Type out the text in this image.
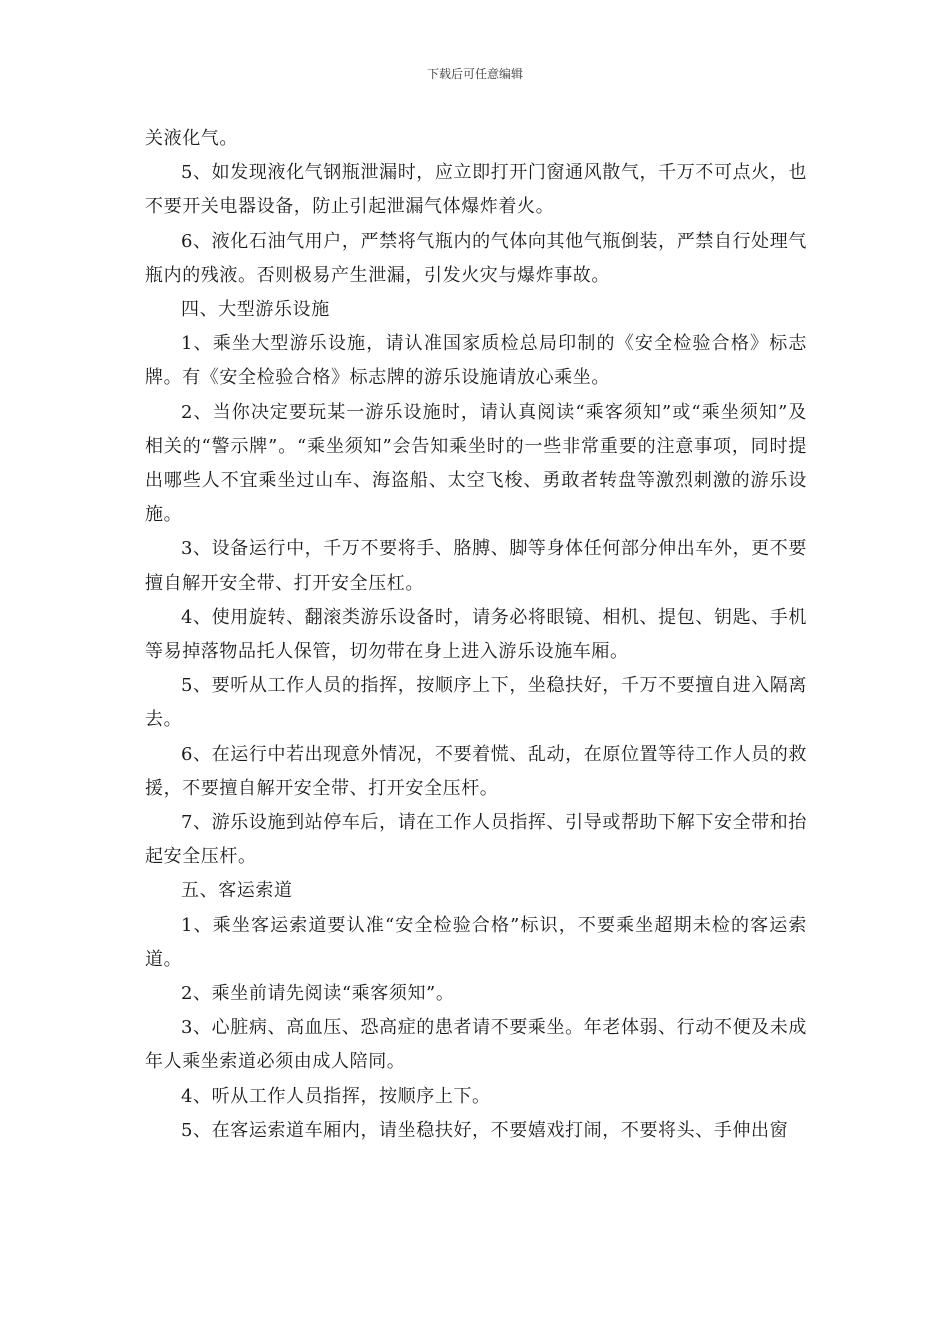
下载后可任意编辑

关液化气。

5、如发现液化气钢瓶泄漏时，应立即打开门窗通风散气，千万不可点火，也不要开关电器设备，防止引起泄漏气体爆炸着火。

6、液化石油气用户，严禁将气瓶内的气体向其他气瓶倒装，严禁自行处理气瓶内的残液。否则极易产生泄漏，引发火灾与爆炸事故。

四、大型游乐设施

1、乘坐大型游乐设施，请认准国家质检总局印制的《安全检验合格》标志牌。有《安全检验合格》标志牌的游乐设施请放心乘坐。

2、当你决定要玩某一游乐设施时，请认真阅读“乘客须知”或“乘坐须知”及相关的“警示牌”。“乘坐须知”会告知乘坐时的一些非常重要的注意事项，同时提出哪些人不宜乘坐过山车、海盗船、太空飞梭、勇敢者转盘等激烈刺激的游乐设施。

3、设备运行中，千万不要将手、胳膊、脚等身体任何部分伸出车外，更不要擅自解开安全带、打开安全压杠。

4、使用旋转、翻滚类游乐设备时，请务必将眼镜、相机、提包、钥匙、手机等易掉落物品托人保管，切勿带在身上进入游乐设施车厢。

5、要听从工作人员的指挥，按顺序上下，坐稳扶好，千万不要擅自进入隔离去。

6、在运行中若出现意外情况，不要着慌、乱动，在原位置等待工作人员的救援，不要擅自解开安全带、打开安全压杆。

7、游乐设施到站停车后，请在工作人员指挥、引导或帮助下解下安全带和抬起安全压杆。

五、客运索道

1、乘坐客运索道要认准“安全检验合格”标识，不要乘坐超期未检的客运索道。

2、乘坐前请先阅读“乘客须知”。

3、心脏病、高血压、恐高症的患者请不要乘坐。年老体弱、行动不便及未成年人乘坐索道必须由成人陪同。

4、听从工作人员指挥，按顺序上下。

5、在客运索道车厢内，请坐稳扶好，不要嬉戏打闹，不要将头、手伸出窗
